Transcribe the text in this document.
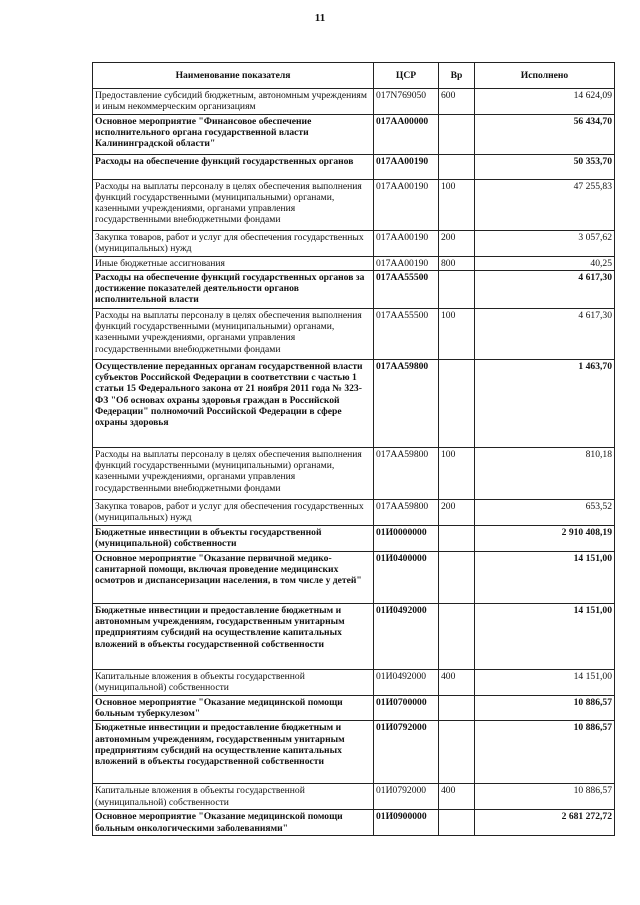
11
Наименование показателя	ЦСР	Вр	Исполнено
Предоставление субсидий бюджетным, автономным учреждениям и иным некоммерческим организациям	017N769050	600	14 624,09
Основное мероприятие "Финансовое обеспечение исполнительного органа государственной власти Калининградской области"	017АА00000		56 434,70
Расходы на обеспечение функций государственных органов	017АА00190		50 353,70
Расходы на выплаты персоналу в целях обеспечения выполнения функций государственными (муниципальными) органами, казенными учреждениями, органами управления государственными внебюджетными фондами	017АА00190	100	47 255,83
Закупка товаров, работ и услуг для обеспечения государственных (муниципальных) нужд	017АА00190	200	3 057,62
Иные бюджетные ассигнования	017АА00190	800	40,25
Расходы на обеспечение функций государственных органов за достижение показателей деятельности органов исполнительной власти	017АА55500		4 617,30
Расходы на выплаты персоналу в целях обеспечения выполнения функций государственными (муниципальными) органами, казенными учреждениями, органами управления государственными внебюджетными фондами	017АА55500	100	4 617,30
Осуществление переданных органам государственной власти субъектов Российской Федерации в соответствии с частью 1 статьи 15 Федерального закона от 21 ноября 2011 года № 323-ФЗ "Об основах охраны здоровья граждан в Российской Федерации" полномочий Российской Федерации в сфере охраны здоровья	017АА59800		1 463,70
Расходы на выплаты персоналу в целях обеспечения выполнения функций государственными (муниципальными) органами, казенными учреждениями, органами управления государственными внебюджетными фондами	017АА59800	100	810,18
Закупка товаров, работ и услуг для обеспечения государственных (муниципальных) нужд	017АА59800	200	653,52
Бюджетные инвестиции в объекты государственной (муниципальной) собственности	01И0000000		2 910 408,19
Основное мероприятие "Оказание первичной медико-санитарной помощи, включая проведение медицинских осмотров и диспансеризации населения, в том числе у детей"	01И0400000		14 151,00
Бюджетные инвестиции и предоставление бюджетным и автономным учреждениям, государственным унитарным предприятиям субсидий на осуществление капитальных вложений в объекты государственной собственности	01И0492000		14 151,00
Капитальные вложения в объекты государственной (муниципальной) собственности	01И0492000	400	14 151,00
Основное мероприятие "Оказание медицинской помощи больным туберкулезом"	01И0700000		10 886,57
Бюджетные инвестиции и предоставление бюджетным и автономным учреждениям, государственным унитарным предприятиям субсидий на осуществление капитальных вложений в объекты государственной собственности	01И0792000		10 886,57
Капитальные вложения в объекты государственной (муниципальной) собственности	01И0792000	400	10 886,57
Основное мероприятие "Оказание медицинской помощи больным онкологическими заболеваниями"	01И0900000		2 681 272,72
